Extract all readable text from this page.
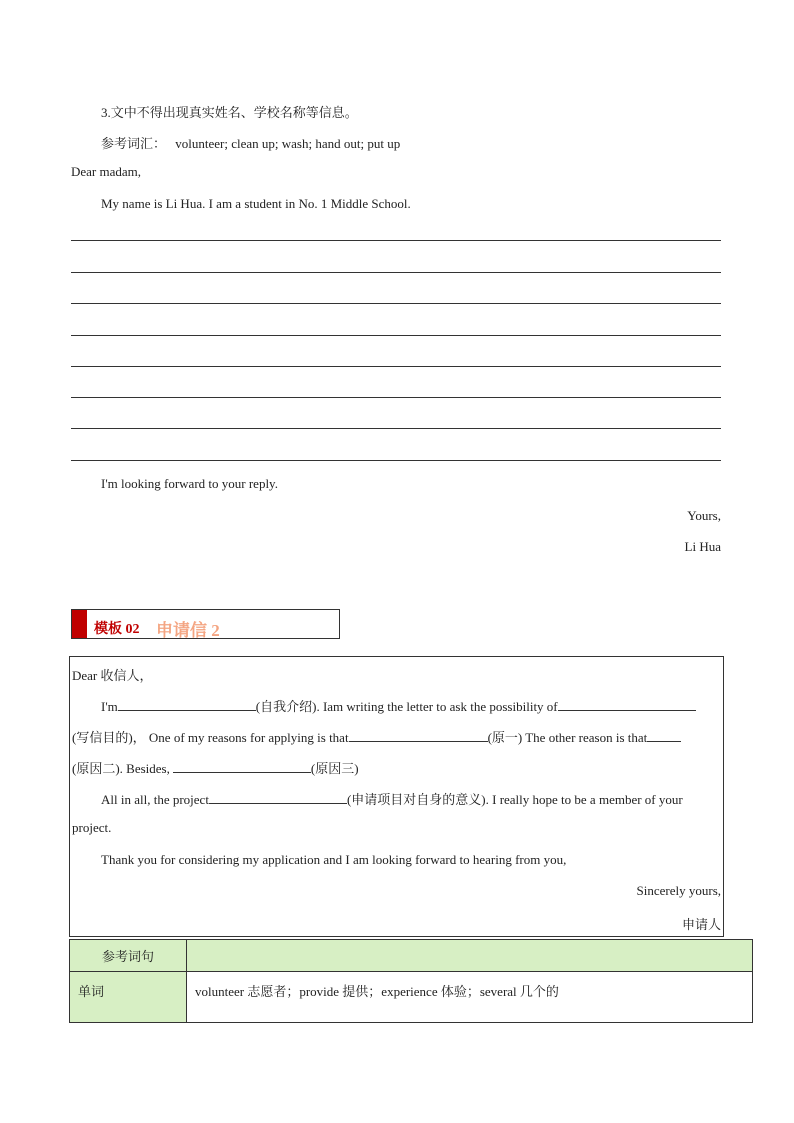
3.文中不得出现真实姓名、学校名称等信息。
参考词汇： volunteer; clean up; wash; hand out; put up
Dear madam,
My name is Li Hua. I am a student in No. 1 Middle School.
I'm looking forward to your reply.
Yours,
Li Hua
模板 02 申请信 2
Dear 收信人，
I'm	(自我介绍). Iam writing the letter to ask the possibility of
(写信目的)， One of my reasons for applying is that	(原一) The other reason is that
(原因二). Besides,	(原因三)
All in all, the project	(申请项目对自身的意义). I really hope to be a member of your
project.
Thank you for considering my application and I am looking forward to hearing from you,
Sincerely yours,
申请人
参考词句	
单词	volunteer 志愿者；provide 提供；experience 体验；several 几个的
